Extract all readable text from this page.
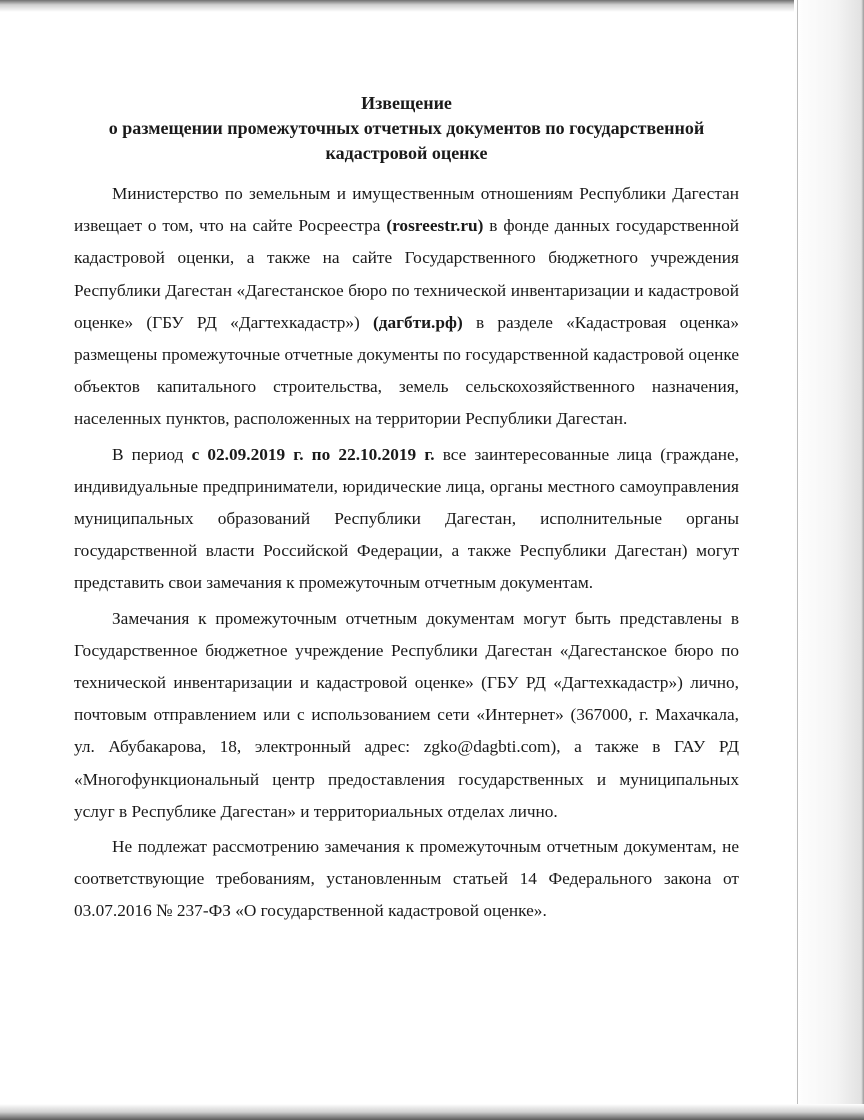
Извещение
о размещении промежуточных отчетных документов по государственной
кадастровой оценке

Министерство по земельным и имущественным отношениям Республики Дагестан извещает о том, что на сайте Росреестра (rosreestr.ru) в фонде данных государственной кадастровой оценки, а также на сайте Государственного бюджетного учреждения Республики Дагестан «Дагестанское бюро по технической инвентаризации и кадастровой оценке» (ГБУ РД «Дагтехкадастр») (дагбти.рф) в разделе «Кадастровая оценка» размещены промежуточные отчетные документы по государственной кадастровой оценке объектов капитального строительства, земель сельскохозяйственного назначения, населенных пунктов, расположенных на территории Республики Дагестан.

В период с 02.09.2019 г. по 22.10.2019 г. все заинтересованные лица (граждане, индивидуальные предприниматели, юридические лица, органы местного самоуправления муниципальных образований Республики Дагестан, исполнительные органы государственной власти Российской Федерации, а также Республики Дагестан) могут представить свои замечания к промежуточным отчетным документам.

Замечания к промежуточным отчетным документам могут быть представлены в Государственное бюджетное учреждение Республики Дагестан «Дагестанское бюро по технической инвентаризации и кадастровой оценке» (ГБУ РД «Дагтехкадастр») лично, почтовым отправлением или с использованием сети «Интернет» (367000, г. Махачкала, ул. Абубакарова, 18, электронный адрес: zgko@dagbti.com), а также в ГАУ РД «Многофункциональный центр предоставления государственных и муниципальных услуг в Республике Дагестан» и территориальных отделах лично.

Не подлежат рассмотрению замечания к промежуточным отчетным документам, не соответствующие требованиям, установленным статьей 14 Федерального закона от 03.07.2016 № 237-ФЗ «О государственной кадастровой оценке».
